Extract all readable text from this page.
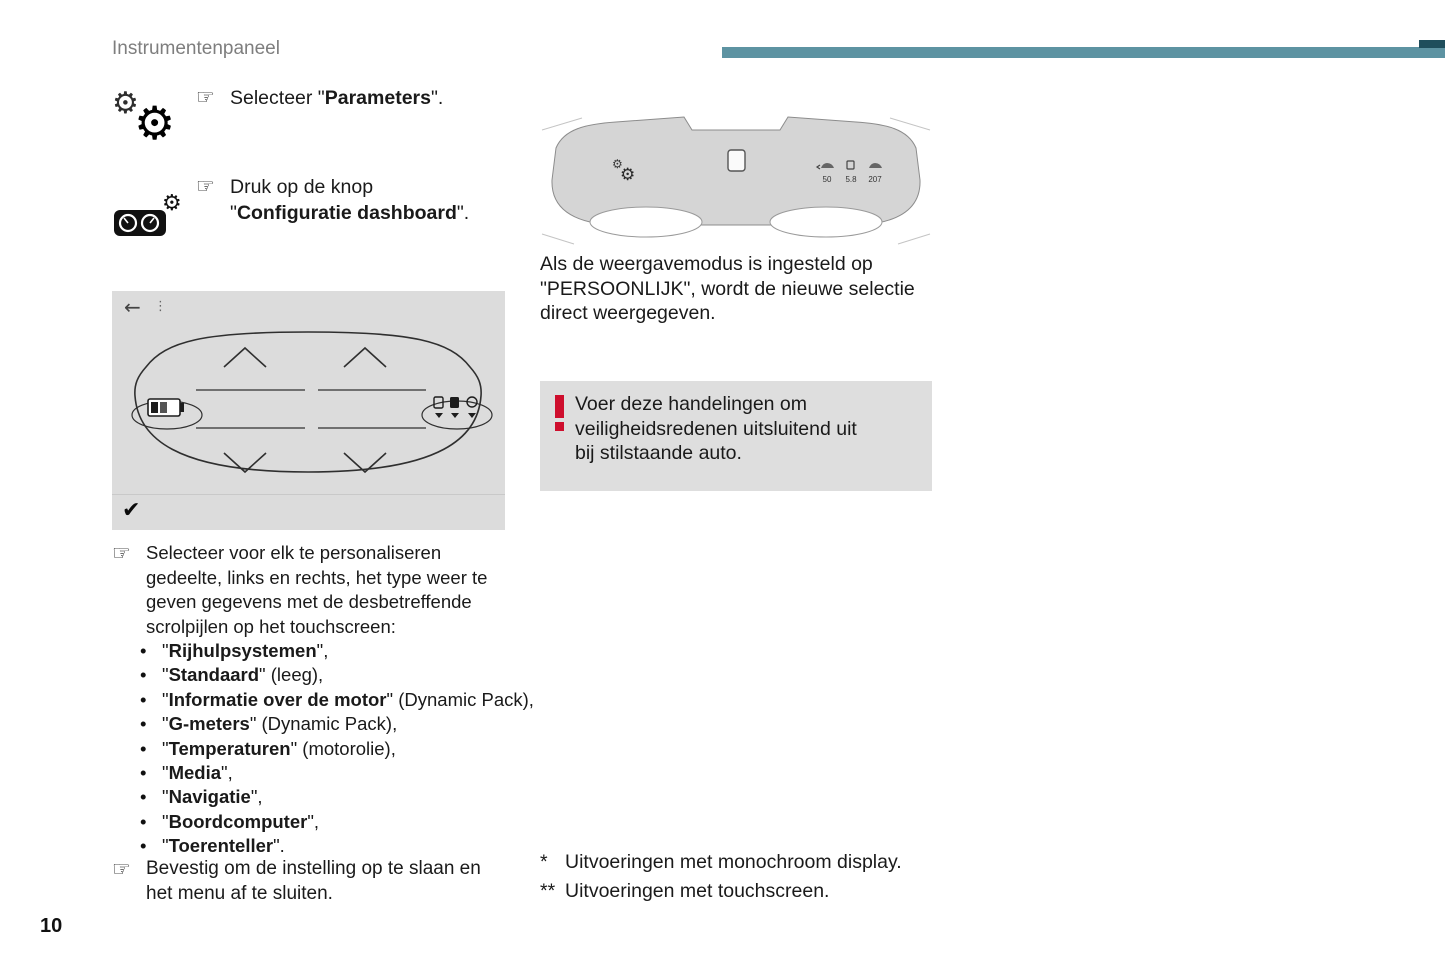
Instrumentenpaneel
⚙
⚙ ☞ Selecteer "Parameters".
⚙
☞ Druk op de knop "Configuratie dashboard".
← ⋮
✔
☞ Selecteer voor elk te personaliseren gedeelte, links en rechts, het type weer te geven gegevens met de desbetreffende scrolpijlen op het touchscreen:
• "Rijhulpsystemen",
• "Standaard" (leeg),
• "Informatie over de motor" (Dynamic Pack),
• "G-meters" (Dynamic Pack),
• "Temperaturen" (motorolie),
• "Media",
• "Navigatie",
• "Boordcomputer",
• "Toerenteller".
☞ Bevestig om de instelling op te slaan en het menu af te sluiten.
⚙
⚙	50 5.8 207

Als de weergavemodus is ingesteld op "PERSOONLIJK", wordt de nieuwe selectie direct weergegeven.

Voer deze handelingen om veiligheidsredenen uitsluitend uit bij stilstaande auto.
* Uitvoeringen met monochroom display.
** Uitvoeringen met touchscreen.
10
